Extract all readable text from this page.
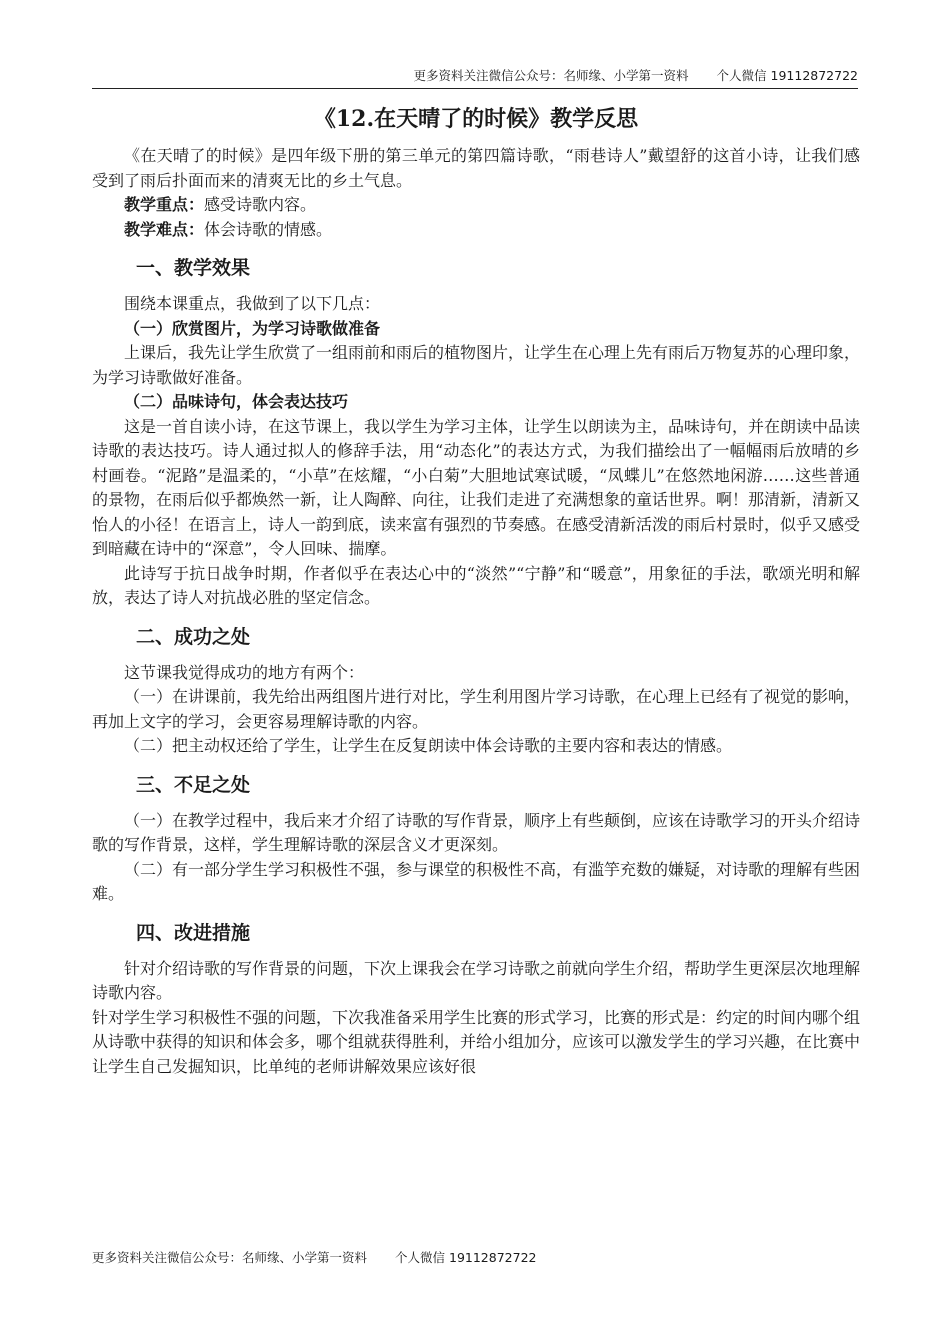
更多资料关注微信公众号：名师缘、小学第一资料 个人微信 19112872722
《12.在天晴了的时候》教学反思

《在天晴了的时候》是四年级下册的第三单元的第四篇诗歌，“雨巷诗人”戴望舒的这首小诗，让我们感受到了雨后扑面而来的清爽无比的乡土气息。

教学重点：感受诗歌内容。

教学难点：体会诗歌的情感。

一、教学效果

围绕本课重点，我做到了以下几点：

（一）欣赏图片，为学习诗歌做准备

上课后，我先让学生欣赏了一组雨前和雨后的植物图片，让学生在心理上先有雨后万物复苏的心理印象，为学习诗歌做好准备。

（二）品味诗句，体会表达技巧

这是一首自读小诗，在这节课上，我以学生为学习主体，让学生以朗读为主，品味诗句，并在朗读中品读诗歌的表达技巧。诗人通过拟人的修辞手法，用“动态化”的表达方式，为我们描绘出了一幅幅雨后放晴的乡村画卷。“泥路”是温柔的，“小草”在炫耀，“小白菊”大胆地试寒试暖，“凤蝶儿”在悠然地闲游……这些普通的景物，在雨后似乎都焕然一新，让人陶醉、向往，让我们走进了充满想象的童话世界。啊！那清新，清新又怡人的小径！在语言上，诗人一韵到底，读来富有强烈的节奏感。在感受清新活泼的雨后村景时，似乎又感受到暗藏在诗中的“深意”，令人回味、揣摩。

此诗写于抗日战争时期，作者似乎在表达心中的“淡然”“宁静”和“暖意”，用象征的手法，歌颂光明和解放，表达了诗人对抗战必胜的坚定信念。

二、成功之处

这节课我觉得成功的地方有两个：

（一）在讲课前，我先给出两组图片进行对比，学生利用图片学习诗歌，在心理上已经有了视觉的影响，再加上文字的学习，会更容易理解诗歌的内容。

（二）把主动权还给了学生，让学生在反复朗读中体会诗歌的主要内容和表达的情感。

三、不足之处

（一）在教学过程中，我后来才介绍了诗歌的写作背景，顺序上有些颠倒，应该在诗歌学习的开头介绍诗歌的写作背景，这样，学生理解诗歌的深层含义才更深刻。

（二）有一部分学生学习积极性不强，参与课堂的积极性不高，有滥竽充数的嫌疑，对诗歌的理解有些困难。

四、改进措施

针对介绍诗歌的写作背景的问题，下次上课我会在学习诗歌之前就向学生介绍，帮助学生更深层次地理解诗歌内容。

针对学生学习积极性不强的问题，下次我准备采用学生比赛的形式学习，比赛的形式是：约定的时间内哪个组从诗歌中获得的知识和体会多，哪个组就获得胜利，并给小组加分，应该可以激发学生的学习兴趣，在比赛中让学生自己发掘知识，比单纯的老师讲解效果应该好很

更多资料关注微信公众号：名师缘、小学第一资料 个人微信 19112872722
